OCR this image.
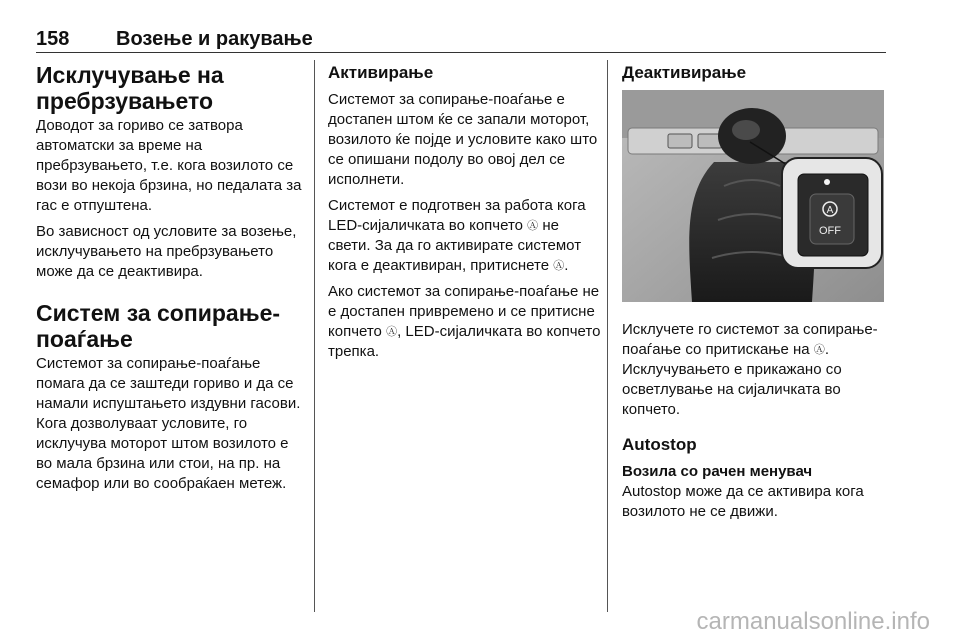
158 Возење и ракување
Исклучување на пребрзувањето

Доводот за гориво се затвора автоматски за време на пребрзувањето, т.е. кога возилото се вози во некоја брзина, но педалата за гас е отпуштена.

Во зависност од условите за возење, исклучувањето на пребрзувањето може да се деактивира.

Систем за сопирање-поаѓање

Системот за сопирање-поаѓање помага да се заштеди гориво и да се намали испуштањето издувни гасови. Кога дозволуваат условите, го исклучува моторот штом возилото е во мала брзина или стои, на пр. на семафор или во сообраќаен метеж.

Активирање

Системот за сопирање-поаѓање е достапен штом ќе се запали моторот, возилото ќе појде и условите како што се опишани подолу во овој дел се исполнети.

Системот е подготвен за работа кога LED-сијаличката во копчето Ⓐ не свети. За да го активирате системот кога е деактивиран, притиснете Ⓐ.

Ако системот за сопирање-поаѓање не е достапен привремено и се притисне копчето Ⓐ, LED-сијаличката во копчето трепка.

Деактивирање
A
OFF

Исклучете го системот за сопирање-поаѓање со притискање на Ⓐ. Исклучувањето е прикажано со осветлување на сијаличката во копчето.

Autostop
Возила со рачен менувач

Autostop може да се активира кога возилото не се движи.

carmanualsonline.info
